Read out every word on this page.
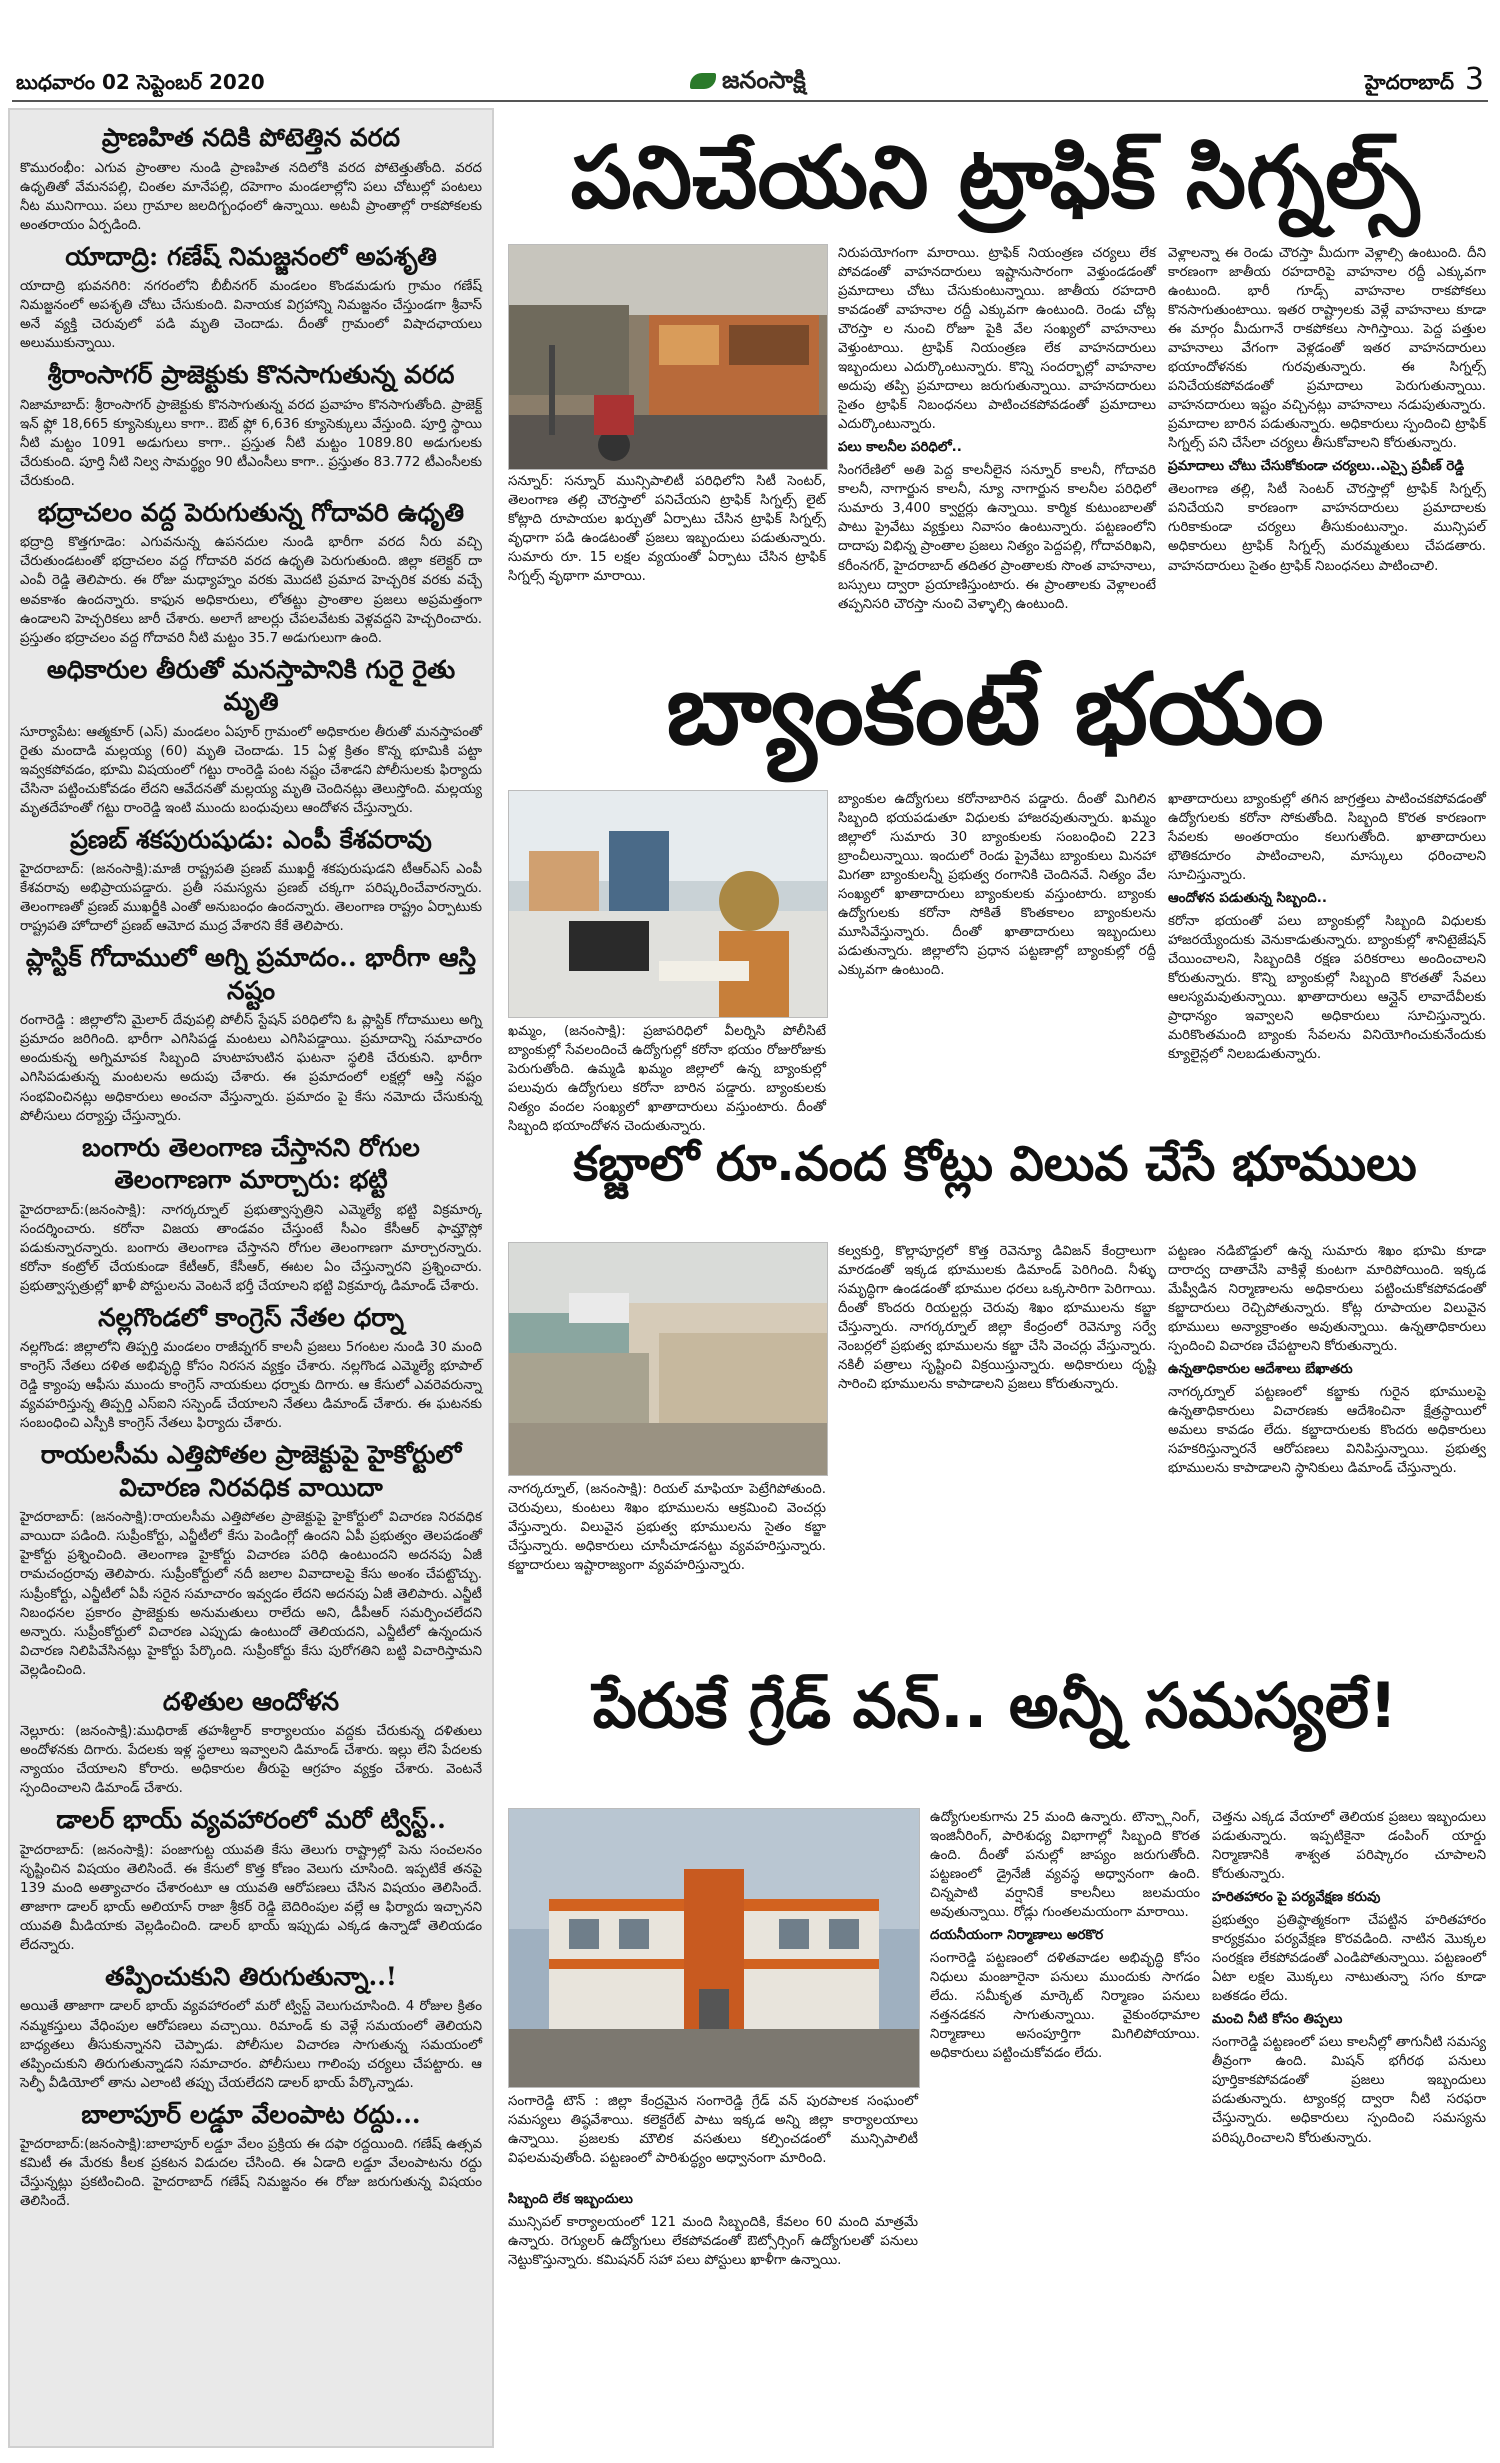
బుధవారం 02 సెప్టెంబర్ 2020	జనంసాక్షి	హైదరాబాద్ 3
ప్రాణహిత నదికి పోటెత్తిన వరద

కొమురంభీం: ఎగువ ప్రాంతాల నుండి ప్రాణహిత నదిలోకి వరద పోటెత్తుతోంది. వరద ఉధృతితో వేమనపల్లి, చింతల మానేపల్లి, దహెగాం మండలాల్లోని పలు చోటుల్లో పంటలు నీట మునిగాయి. పలు గ్రామాల జలదిగ్బంధంలో ఉన్నాయి. అటవీ ప్రాంతాల్లో రాకపోకలకు అంతరాయం ఏర్పడింది.

యాదాద్రి: గణేష్ నిమజ్జనంలో అపశృతి

యాదాద్రి భువనగిరి: నగరంలోని బీబీనగర్ మండలం కొండమడుగు గ్రామం గణేష్ నిమజ్జనంలో అపశృతి చోటు చేసుకుంది. వినాయక విగ్రహాన్ని నిమజ్జనం చేస్తుండగా శ్రీవాస్ అనే వ్యక్తి చెరువులో పడి మృతి చెందాడు. దీంతో గ్రామంలో విషాదఛాయలు అలుముకున్నాయి.

శ్రీరాంసాగర్ ప్రాజెక్టుకు కొనసాగుతున్న వరద

నిజామాబాద్: శ్రీరాంసాగర్ ప్రాజెక్టుకు కొనసాగుతున్న వరద ప్రవాహం కొనసాగుతోంది. ప్రాజెక్ట్ ఇన్ ఫ్లో 18,665 క్యూసెక్కులు కాగా.. ఔట్ ఫ్లో 6,636 క్యూసెక్కులు వేస్తుంది. పూర్తి స్థాయి నీటి మట్టం 1091 అడుగులు కాగా.. ప్రస్తుత నీటి మట్టం 1089.80 అడుగులకు చేరుకుంది. పూర్తి నీటి నిల్వ సామర్థ్యం 90 టీఎంసీలు కాగా.. ప్రస్తుతం 83.772 టీఎంసీలకు చేరుకుంది.

భద్రాచలం వద్ద పెరుగుతున్న గోదావరి ఉధృతి

భద్రాద్రి కొత్తగూడెం: ఎగువనున్న ఉపనదుల నుండి భారీగా వరద నీరు వచ్చి చేరుతుండటంతో భద్రాచలం వద్ద గోదావరి వరద ఉధృతి పెరుగుతుంది. జిల్లా కలెక్టర్ దా ఎంవీ రెడ్డి తెలిపారు. ఈ రోజు మధ్యాహ్నం వరకు మొదటి ప్రమాద హెచ్చరిక వరకు వచ్చే అవకాశం ఉందన్నారు. కాఫున అధికారులు, లోతట్టు ప్రాంతాల ప్రజలు అప్రమత్తంగా ఉండాలని హెచ్చరికలు జారీ చేశారు. అలాగే జాలర్లు చేపలవేటకు వెళ్లవద్దని హెచ్చరించారు. ప్రస్తుతం భద్రాచలం వద్ద గోదావరి నీటి మట్టం 35.7 అడుగులుగా ఉంది.

అధికారుల తీరుతో మనస్తాపానికి గురై రైతు మృతి

సూర్యాపేట: ఆత్మకూర్ (ఎస్) మండలం ఏపూర్ గ్రామంలో అధికారుల తీరుతో మనస్తాపంతో రైతు మందాడి మల్లయ్య (60) మృతి చెందాడు. 15 ఏళ్ల క్రితం కొన్న భూమికి పట్టా ఇవ్వకపోవడం, భూమి విషయంలో గట్టు రాంరెడ్డి పంట నష్టం చేశాడని పోలీసులకు ఫిర్యాదు చేసినా పట్టించుకోవడం లేదని ఆవేదనతో మల్లయ్య మృతి చెందినట్లు తెలుస్తోంది. మల్లయ్య మృతదేహంతో గట్టు రాంరెడ్డి ఇంటి ముందు బంధువులు ఆందోళన చేస్తున్నారు.

ప్రణబ్ శకపురుషుడు: ఎంపీ కేశవరావు

హైదరాబాద్: (జనంసాక్షి):మాజీ రాష్ట్రపతి ప్రణబ్ ముఖర్జీ శకపురుషుడని టీఆర్ఎస్ ఎంపీ కేశవరావు అభిప్రాయపడ్డారు. ప్రతీ సమస్యను ప్రణబ్ చక్కగా పరిష్కరించేవారన్నారు. తెలంగాణతో ప్రణబ్ ముఖర్జీకి ఎంతో అనుబంధం ఉందన్నారు. తెలంగాణ రాష్ట్రం ఏర్పాటుకు రాష్ట్రపతి హోదాలో ప్రణబ్ ఆమోద ముద్ర వేశారని కేకే తెలిపారు.

ప్లాస్టిక్ గోదాములో అగ్ని ప్రమాదం.. భారీగా ఆస్తి నష్టం

రంగారెడ్డి : జిల్లాలోని మైలార్ దేవుపల్లి పోలీస్ స్టేషన్ పరిధిలోని ఓ ప్లాస్టిక్ గోదాములు అగ్ని ప్రమాదం జరిగింది. భారీగా ఎగిసిపడ్డ మంటలు ఎగిసిపడ్డాయి. ప్రమాదాన్ని సమాచారం అందుకున్న అగ్నిమాపక సిబ్బంది హుటాహుటిన ఘటనా స్థలికి చేరుకుని. భారీగా ఎగిసిపడుతున్న మంటలను అదుపు చేశారు. ఈ ప్రమాదంలో లక్షల్లో ఆస్తి నష్టం సంభవించినట్లు అధికారులు అంచనా వేస్తున్నారు. ప్రమాదం పై కేసు నమోదు చేసుకున్న పోలీసులు దర్యాప్తు చేస్తున్నారు.

బంగారు తెలంగాణ చేస్తానని రోగుల తెలంగాణగా మార్చారు: భట్టి

హైదరాబాద్:(జనంసాక్షి): నాగర్కర్నూల్ ప్రభుత్వాస్పత్రిని ఎమ్మెల్యే భట్టి విక్రమార్క సందర్శించారు. కరోనా విజయ తాండవం చేస్తుంటే సీఎం కేసీఆర్ ఫామ్హౌస్లో పడుకున్నారన్నారు. బంగారు తెలంగాణ చేస్తానని రోగుల తెలంగాణగా మార్చారన్నారు. కరోనా కంట్రోల్ చేయకుండా కేటీఆర్, కేసీఆర్, ఈటల ఏం చేస్తున్నారని ప్రశ్నించారు. ప్రభుత్వాస్పత్రుల్లో ఖాళీ పోస్టులను వెంటనే భర్తీ చేయాలని భట్టి విక్రమార్క డిమాండ్ చేశారు.

నల్లగొండలో కాంగ్రెస్ నేతల ధర్నా

నల్లగొండ: జిల్లాలోని తిప్పర్తి మండలం రాజీవ్నగర్ కాలనీ ప్రజలు 5గంటల నుండి 30 మంది కాంగ్రెస్ నేతలు దళిత అభివృద్ధి కోసం నిరసన వ్యక్తం చేశారు. నల్లగొండ ఎమ్మెల్యే భూపాల్ రెడ్డి క్యాంపు ఆఫీసు ముందు కాంగ్రెస్ నాయకులు ధర్నాకు దిగారు. ఆ కేసులో ఎవరెవరున్నా వ్యవహరిస్తున్న తిప్పర్తి ఎస్ఐని సస్పెండ్ చేయాలని నేతలు డిమాండ్ చేశారు. ఈ ఘటనకు సంబంధించి ఎస్పీకి కాంగ్రెస్ నేతలు ఫిర్యాదు చేశారు.

రాయలసీమ ఎత్తిపోతల ప్రాజెక్టుపై హైకోర్టులో విచారణ నిరవధిక వాయిదా

హైదరాబాద్: (జనంసాక్షి):రాయలసీమ ఎత్తిపోతల ప్రాజెక్టుపై హైకోర్టులో విచారణ నిరవధిక వాయిదా పడింది. సుప్రీంకోర్టు, ఎన్జీటీలో కేసు పెండింగ్లో ఉందని ఏపీ ప్రభుత్వం తెలపడంతో హైకోర్టు ప్రశ్నించింది. తెలంగాణ హైకోర్టు విచారణ పరిధి ఉంటుందని అదనపు ఏజీ రామచంద్రరావు తెలిపారు. సుప్రీంకోర్టులో నదీ జలాల వివాదాలపై కేసు అంశం చేపట్టొచ్చు. సుప్రీంకోర్టు, ఎన్జీటీలో ఏపీ సరైన సమాచారం ఇవ్వడం లేదని అదనపు ఏజీ తెలిపారు. ఎన్జీటీ నిబంధనల ప్రకారం ప్రాజెక్టుకు అనుమతులు రాలేదు అని, డీపీఆర్ సమర్పించలేదని అన్నారు. సుప్రీంకోర్టులో విచారణ ఎప్పుడు ఉంటుందో తెలియదని, ఎన్జీటీలో ఉన్నందున విచారణ నిలిపివేసినట్లు హైకోర్టు పేర్కొంది. సుప్రీంకోర్టు కేసు పురోగతిని బట్టి విచారిస్తామని వెల్లడించింది.

దళితుల ఆందోళన

నెల్లూరు: (జనంసాక్షి):ముధిరాజ్ తహశీల్దార్ కార్యాలయం వద్దకు చేరుకున్న దళితులు అందోళనకు దిగారు. పేదలకు ఇళ్ల స్థలాలు ఇవ్వాలని డిమాండ్ చేశారు. ఇల్లు లేని పేదలకు న్యాయం చేయాలని కోరారు. అధికారుల తీరుపై ఆగ్రహం వ్యక్తం చేశారు. వెంటనే స్పందించాలని డిమాండ్ చేశారు.

డాలర్ భాయ్ వ్యవహారంలో మరో ట్విస్ట్..

హైదరాబాద్: (జనంసాక్షి): పంజాగుట్ట యువతి కేసు తెలుగు రాష్ట్రాల్లో పెను సంచలనం సృష్టించిన విషయం తెలిసిందే. ఈ కేసులో కొత్త కోణం వెలుగు చూసింది. ఇప్పటికే తనపై 139 మంది అత్యాచారం చేశారంటూ ఆ యువతి ఆరోపణలు చేసిన విషయం తెలిసిందే. తాజాగా డాలర్ భాయ్ అలియాస్ రాజా శ్రీకర్ రెడ్డి బెదిరింపుల వల్లే ఆ ఫిర్యాదు ఇచ్చానని యువతి మీడియాకు వెల్లడించింది. డాలర్ భాయ్ ఇప్పుడు ఎక్కడ ఉన్నాడో తెలియడం లేదన్నారు.

తప్పించుకుని తిరుగుతున్నా..!

అయితే తాజాగా డాలర్ భాయ్ వ్యవహారంలో మరో ట్విస్ట్ వెలుగుచూసింది. 4 రోజుల క్రితం నమ్మకస్తులు వేధింపుల ఆరోపణలు వచ్చాయి. రిమాండ్ కు వెళ్లే సమయంలో తెలియని బాధ్యతలు తీసుకున్నానని చెప్పాడు. పోలీసుల విచారణ సాగుతున్న సమయంలో తప్పించుకుని తిరుగుతున్నాడని సమాచారం. పోలీసులు గాలింపు చర్యలు చేపట్టారు. ఆ సెల్ఫీ వీడియోలో తాను ఎలాంటి తప్పు చేయలేదని డాలర్ భాయ్ పేర్కొన్నాడు.

బాలాపూర్ లడ్డూ వేలంపాట రద్దు...

హైదరాబాద్:(జనంసాక్షి):బాలాపూర్ లడ్డూ వేలం ప్రక్రియ ఈ దఫా రద్దయింది. గణేష్ ఉత్సవ కమిటీ ఈ మేరకు కీలక ప్రకటన విడుదల చేసింది. ఈ ఏడాది లడ్డూ వేలంపాటను రద్దు చేస్తున్నట్లు ప్రకటించింది. హైదరాబాద్ గణేష్ నిమజ్జనం ఈ రోజు జరుగుతున్న విషయం తెలిసిందే.

పనిచేయని ట్రాఫిక్ సిగ్నల్స్
సన్నూర్: సన్నూర్ మున్సిపాలిటీ పరిధిలోని సిటీ సెంటర్, తెలంగాణ తల్లి చౌరస్తాలో పనిచేయని ట్రాఫిక్ సిగ్నల్స్ లైట్ కోట్లాది రూపాయల ఖర్చుతో ఏర్పాటు చేసిన ట్రాఫిక్ సిగ్నల్స్ వృధాగా పడి ఉండటంతో ప్రజలు ఇబ్బందులు పడుతున్నారు. సుమారు రూ. 15 లక్షల వ్యయంతో ఏర్పాటు చేసిన ట్రాఫిక్ సిగ్నల్స్ వృథాగా మారాయి.

నిరుపయోగంగా మారాయి. ట్రాఫిక్ నియంత్రణ చర్యలు లేక పోవడంతో వాహనదారులు ఇష్టానుసారంగా వెళ్తుండడంతో ప్రమాదాలు చోటు చేసుకుంటున్నాయి. జాతీయ రహదారి కావడంతో వాహనాల రద్దీ ఎక్కువగా ఉంటుంది. రెండు చోట్ల చౌరస్తా ల నుంచి రోజూ పైకి వేల సంఖ్యలో వాహనాలు వెళ్తుంటాయి. ట్రాఫిక్ నియంత్రణ లేక వాహనదారులు ఇబ్బందులు ఎదుర్కొంటున్నారు. కొన్ని సందర్భాల్లో వాహనాల అదుపు తప్పి ప్రమాదాలు జరుగుతున్నాయి. వాహనదారులు సైతం ట్రాఫిక్ నిబంధనలు పాటించకపోవడంతో ప్రమాదాలు ఎదుర్కొంటున్నారు.

పలు కాలనీల పరిధిలో..

సింగరేణిలో అతి పెద్ద కాలనీలైన సన్నూర్ కాలనీ, గోదావరి కాలనీ, నాగార్జున కాలనీ, న్యూ నాగార్జున కాలనీల పరిధిలో సుమారు 3,400 క్వార్టర్లు ఉన్నాయి. కార్మిక కుటుంబాలతో పాటు ప్రైవేటు వ్యక్తులు నివాసం ఉంటున్నారు. పట్టణంలోని దాదాపు విభిన్న ప్రాంతాల ప్రజలు నిత్యం పెద్దపల్లి, గోదావరిఖని, కరీంనగర్, హైదరాబాద్ తదితర ప్రాంతాలకు సొంత వాహనాలు, బస్సులు ద్వారా ప్రయాణిస్తుంటారు. ఈ ప్రాంతాలకు వెళ్లాలంటే తప్పనిసరి చౌరస్తా నుంచి వెళ్ళాల్సి ఉంటుంది.

వెళ్లాలన్నా ఈ రెండు చౌరస్తా మీదుగా వెళ్లాల్సి ఉంటుంది. దీని కారణంగా జాతీయ రహదారిపై వాహనాల రద్దీ ఎక్కువగా ఉంటుంది. భారీ గూడ్స్ వాహనాల రాకపోకలు కొనసాగుతుంటాయి. ఇతర రాష్ట్రాలకు వెళ్లే వాహనాలు కూడా ఈ మార్గం మీదుగానే రాకపోకలు సాగిస్తాయి. పెద్ద పత్తుల వాహనాలు వేగంగా వెళ్లడంతో ఇతర వాహనదారులు భయాందోళనకు గురవుతున్నారు. ఈ సిగ్నల్స్ పనిచేయకపోవడంతో ప్రమాదాలు పెరుగుతున్నాయి. వాహనదారులు ఇష్టం వచ్చినట్లు వాహనాలు నడుపుతున్నారు. ప్రమాదాల బారిన పడుతున్నారు. అధికారులు స్పందించి ట్రాఫిక్ సిగ్నల్స్ పని చేసేలా చర్యలు తీసుకోవాలని కోరుతున్నారు.

ప్రమాదాలు చోటు చేసుకోకుండా చర్యలు..ఎస్సై ప్రవీణ్ రెడ్డి

తెలంగాణ తల్లి, సిటీ సెంటర్ చౌరస్తాల్లో ట్రాఫిక్ సిగ్నల్స్ పనిచేయని కారణంగా వాహనదారులు ప్రమాదాలకు గురికాకుండా చర్యలు తీసుకుంటున్నాం. మున్సిపల్ అధికారులు ట్రాఫిక్ సిగ్నల్స్ మరమ్మతులు చేపడతారు. వాహనదారులు సైతం ట్రాఫిక్ నిబంధనలు పాటించాలి.

బ్యాంకంటే భయం
ఖమ్మం, (జనంసాక్షి): ప్రజాపరిధిలో వీలర్నిసి పోలీసిటే బ్యాంకుల్లో సేవలందించే ఉద్యోగుల్లో కరోనా భయం రోజురోజుకు పెరుగుతోంది. ఉమ్మడి ఖమ్మం జిల్లాలో ఉన్న బ్యాంకుల్లో పలువురు ఉద్యోగులు కరోనా బారిన పడ్డారు. బ్యాంకులకు నిత్యం వందల సంఖ్యలో ఖాతాదారులు వస్తుంటారు. దీంతో సిబ్బంది భయాందోళన చెందుతున్నారు.

బ్యాంకుల ఉద్యోగులు కరోనాబారిన పడ్డారు. దీంతో మిగిలిన సిబ్బంది భయపడుతూ విధులకు హాజరవుతున్నారు. ఖమ్మం జిల్లాలో సుమారు 30 బ్యాంకులకు సంబంధించి 223 బ్రాంచీలున్నాయి. ఇందులో రెండు ప్రైవేటు బ్యాంకులు మినహా మిగతా బ్యాంకులన్నీ ప్రభుత్వ రంగానికి చెందినవే. నిత్యం వేల సంఖ్యలో ఖాతాదారులు బ్యాంకులకు వస్తుంటారు. బ్యాంకు ఉద్యోగులకు కరోనా సోకితే కొంతకాలం బ్యాంకులను మూసివేస్తున్నారు. దీంతో ఖాతాదారులు ఇబ్బందులు పడుతున్నారు. జిల్లాలోని ప్రధాన పట్టణాల్లో బ్యాంకుల్లో రద్దీ ఎక్కువగా ఉంటుంది.

ఖాతాదారులు బ్యాంకుల్లో తగిన జాగ్రత్తలు పాటించకపోవడంతో ఉద్యోగులకు కరోనా సోకుతోంది. సిబ్బంది కొరత కారణంగా సేవలకు అంతరాయం కలుగుతోంది. ఖాతాదారులు భౌతికదూరం పాటించాలని, మాస్కులు ధరించాలని సూచిస్తున్నారు.

ఆందోళన పడుతున్న సిబ్బంది..

కరోనా భయంతో పలు బ్యాంకుల్లో సిబ్బంది విధులకు హాజరయ్యేందుకు వెనుకాడుతున్నారు. బ్యాంకుల్లో శానిటైజేషన్ చేయించాలని, సిబ్బందికి రక్షణ పరికరాలు అందించాలని కోరుతున్నారు. కొన్ని బ్యాంకుల్లో సిబ్బంది కొరతతో సేవలు ఆలస్యమవుతున్నాయి. ఖాతాదారులు ఆన్లైన్ లావాదేవీలకు ప్రాధాన్యం ఇవ్వాలని అధికారులు సూచిస్తున్నారు. మరికొంతమంది బ్యాంకు సేవలను వినియోగించుకునేందుకు క్యూలైన్లలో నిలబడుతున్నారు.

కబ్జాలో రూ.వంద కోట్లు విలువ చేసే భూములు
నాగర్కర్నూల్, (జనంసాక్షి): రియల్ మాఫియా పెట్రేగిపోతుంది. చెరువులు, కుంటలు శిఖం భూములను ఆక్రమించి వెంచర్లు వేస్తున్నారు. విలువైన ప్రభుత్వ భూములను సైతం కబ్జా చేస్తున్నారు. అధికారులు చూసీచూడనట్టు వ్యవహరిస్తున్నారు. కబ్జాదారులు ఇష్టారాజ్యంగా వ్యవహరిస్తున్నారు.

కల్వకుర్తి, కొల్లాపూర్లలో కొత్త రెవెన్యూ డివిజన్ కేంద్రాలుగా మారడంతో ఇక్కడ భూములకు డిమాండ్ పెరిగింది. నీళ్ళు సమృద్ధిగా ఉండడంతో భూముల ధరలు ఒక్కసారిగా పెరిగాయి. దీంతో కొందరు రియల్టర్లు చెరువు శిఖం భూములను కబ్జా చేస్తున్నారు. నాగర్కర్నూల్ జిల్లా కేంద్రంలో రెవెన్యూ సర్వే నెంబర్లలో ప్రభుత్వ భూములను కబ్జా చేసి వెంచర్లు వేస్తున్నారు. నకిలీ పత్రాలు సృష్టించి విక్రయిస్తున్నారు. అధికారులు దృష్టి సారించి భూములను కాపాడాలని ప్రజలు కోరుతున్నారు.

పట్టణం నడిబొడ్డులో ఉన్న సుమారు శిఖం భూమి కూడా దారాద్వ దాతాచేసి వాకిళ్లే కుంటగా మారిపోయింది. ఇక్కడ మేప్వీడిన నిర్మాణాలను అధికారులు పట్టించుకోకపోవడంతో కబ్జాదారులు రెచ్చిపోతున్నారు. కోట్ల రూపాయల విలువైన భూములు అన్యాక్రాంతం అవుతున్నాయి. ఉన్నతాధికారులు స్పందించి విచారణ చేపట్టాలని కోరుతున్నారు.

ఉన్నతాధికారుల ఆదేశాలు బేఖాతరు

నాగర్కర్నూల్ పట్టణంలో కబ్జాకు గురైన భూములపై ఉన్నతాధికారులు విచారణకు ఆదేశించినా క్షేత్రస్థాయిలో అమలు కావడం లేదు. కబ్జాదారులకు కొందరు అధికారులు సహకరిస్తున్నారనే ఆరోపణలు వినిపిస్తున్నాయి. ప్రభుత్వ భూములను కాపాడాలని స్థానికులు డిమాండ్ చేస్తున్నారు.

పేరుకే గ్రేడ్ వన్.. అన్నీ సమస్యలే!
సంగారెడ్డి టౌన్ : జిల్లా కేంద్రమైన సంగారెడ్డి గ్రేడ్ వన్ పురపాలక సంఘంలో సమస్యలు తిష్ఠవేశాయి. కలెక్టరేట్ పాటు ఇక్కడ అన్ని జిల్లా కార్యాలయాలు ఉన్నాయి. ప్రజలకు మౌలిక వసతులు కల్పించడంలో మున్సిపాలిటీ విఫలమవుతోంది. పట్టణంలో పారిశుద్ధ్యం అధ్వానంగా మారింది.

సిబ్బంది లేక ఇబ్బందులు

మున్సిపల్ కార్యాలయంలో 121 మంది సిబ్బందికి, కేవలం 60 మంది మాత్రమే ఉన్నారు. రెగ్యులర్ ఉద్యోగులు లేకపోవడంతో ఔట్సోర్సింగ్ ఉద్యోగులతో పనులు నెట్టుకొస్తున్నారు. కమిషనర్ సహా పలు పోస్టులు ఖాళీగా ఉన్నాయి.

ఉద్యోగులకుగాను 25 మంది ఉన్నారు. టౌన్ప్లానింగ్, ఇంజినీరింగ్, పారిశుధ్య విభాగాల్లో సిబ్బంది కొరత ఉంది. దీంతో పనుల్లో జాప్యం జరుగుతోంది. పట్టణంలో డ్రైనేజీ వ్యవస్థ అధ్వానంగా ఉంది. చిన్నపాటి వర్షానికే కాలనీలు జలమయం అవుతున్నాయి. రోడ్లు గుంతలమయంగా మారాయి.

దయనీయంగా నిర్మాణాలు అరకొర

సంగారెడ్డి పట్టణంలో దళితవాడల అభివృద్ధి కోసం నిధులు మంజూరైనా పనులు ముందుకు సాగడం లేదు. సమీకృత మార్కెట్ నిర్మాణం పనులు నత్తనడకన సాగుతున్నాయి. వైకుంఠధామాల నిర్మాణాలు అసంపూర్తిగా మిగిలిపోయాయి. అధికారులు పట్టించుకోవడం లేదు.

చెత్తను ఎక్కడ వేయాలో తెలియక ప్రజలు ఇబ్బందులు పడుతున్నారు. ఇప్పటికైనా డంపింగ్ యార్డు నిర్మాణానికి శాశ్వత పరిష్కారం చూపాలని కోరుతున్నారు.

హరితహారం పై పర్యవేక్షణ కరువు

ప్రభుత్వం ప్రతిష్ఠాత్మకంగా చేపట్టిన హరితహారం కార్యక్రమం పర్యవేక్షణ కొరవడింది. నాటిన మొక్కల సంరక్షణ లేకపోవడంతో ఎండిపోతున్నాయి. పట్టణంలో ఏటా లక్షల మొక్కలు నాటుతున్నా సగం కూడా బతకడం లేదు.

మంచి నీటి కోసం తిప్పలు

సంగారెడ్డి పట్టణంలో పలు కాలనీల్లో తాగునీటి సమస్య తీవ్రంగా ఉంది. మిషన్ భగీరథ పనులు పూర్తికాకపోవడంతో ప్రజలు ఇబ్బందులు పడుతున్నారు. ట్యాంకర్ల ద్వారా నీటి సరఫరా చేస్తున్నారు. అధికారులు స్పందించి సమస్యను పరిష్కరించాలని కోరుతున్నారు.
